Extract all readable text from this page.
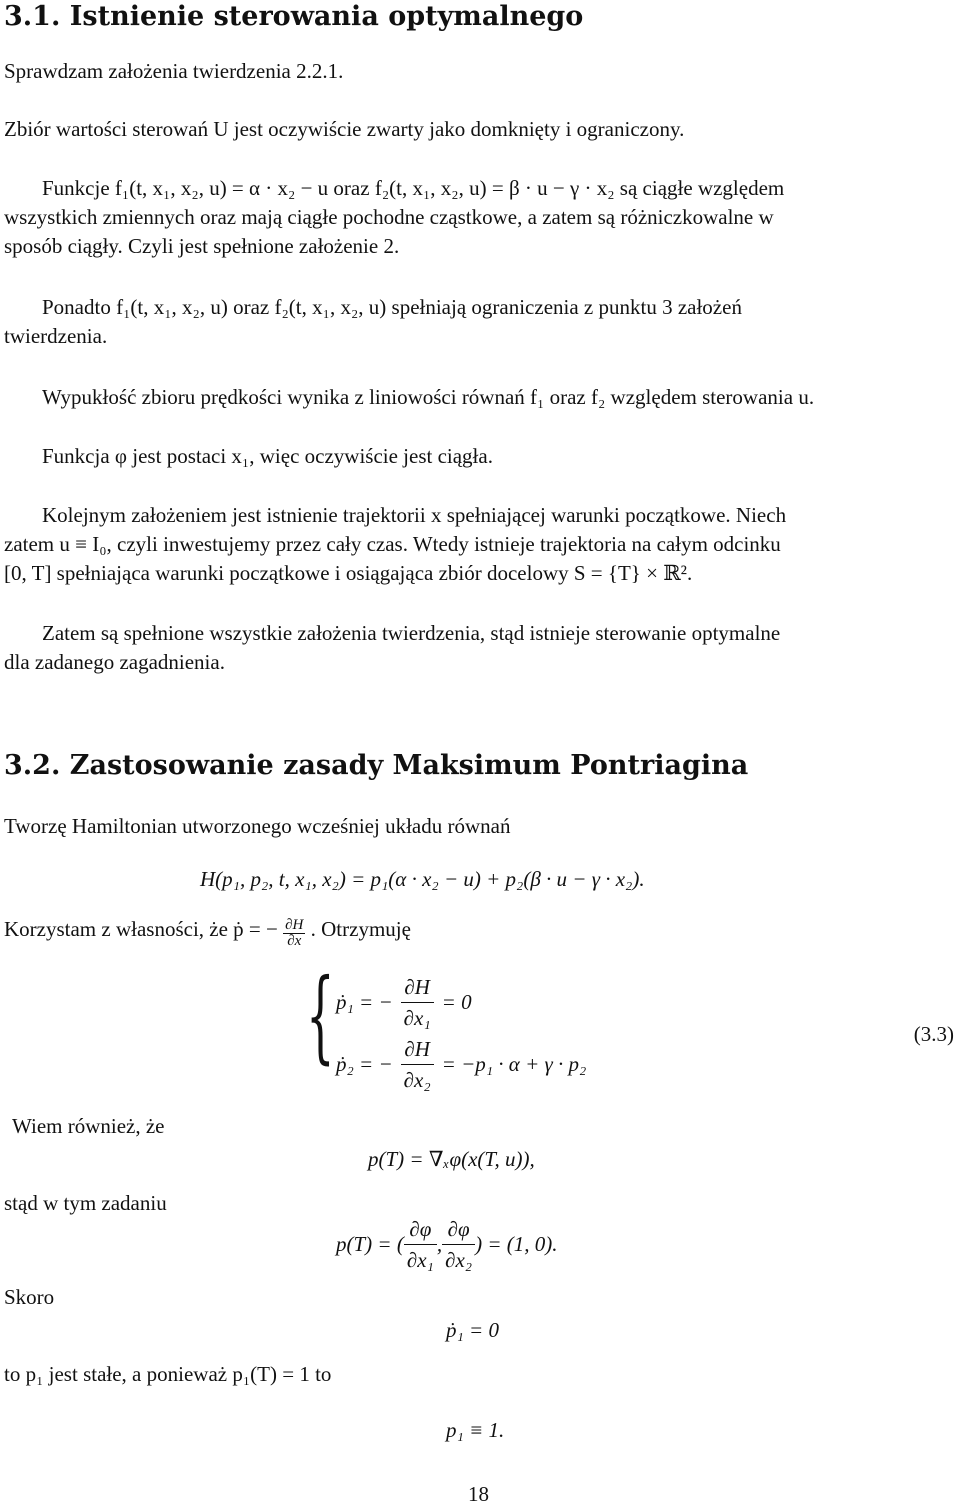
3.1. Istnienie sterowania optymalnego

Sprawdzam założenia twierdzenia 2.2.1.

Zbiór wartości sterowań U jest oczywiście zwarty jako domknięty i ograniczony.

Funkcje f₁(t, x₁, x₂, u) = α · x₂ − u oraz f₂(t, x₁, x₂, u) = β · u − γ · x₂ są ciągłe względem
wszystkich zmiennych oraz mają ciągłe pochodne cząstkowe, a zatem są różniczkowalne w
sposób ciągły. Czyli jest spełnione założenie 2.
Ponadto f₁(t, x₁, x₂, u) oraz f₂(t, x₁, x₂, u) spełniają ograniczenia z punktu 3 założeń
twierdzenia.

Wypukłość zbioru prędkości wynika z liniowości równań f₁ oraz f₂ względem sterowania u.

Funkcja φ jest postaci x₁, więc oczywiście jest ciągła.

Kolejnym założeniem jest istnienie trajektorii x spełniającej warunki początkowe. Niech
zatem u ≡ I₀, czyli inwestujemy przez cały czas. Wtedy istnieje trajektoria na całym odcinku
[0, T] spełniająca warunki początkowe i osiągająca zbiór docelowy S = {T} × ℝ².
Zatem są spełnione wszystkie założenia twierdzenia, stąd istnieje sterowanie optymalne
dla zadanego zagadnienia.
3.2. Zastosowanie zasady Maksimum Pontriagina

Tworzę Hamiltonian utworzonego wcześniej układu równań

H(p₁, p₂, t, x₁, x₂) = p₁(α · x₂ − u) + p₂(β · u − γ · x₂).
Korzystam z własności, że ṗ = − $\frac{\partial H}{\partial x}$ . Otrzymuję
{ ṗ₁ = − $\frac{\partial H}{\text{∂x₁}} = 0$
ṗ₂ = − $\frac{\partial H}{\text{∂x₂}} = -p_1 \cdot \alpha + \gamma \cdot p_2$
(3.3)
Wiem również, że
p(T) = ∇ₓφ(x(T, u)),
stąd w tym zadaniu
p(T) = ( $\frac{\partial\varphi}{\text{∂x₁}}$ , $\frac{\partial\varphi}{\text{∂x₂}}$ ) = (1, 0).
Skoro
ṗ₁ = 0
to p₁ jest stałe, a ponieważ p₁(T) = 1 to
p₁ ≡ 1.
18
